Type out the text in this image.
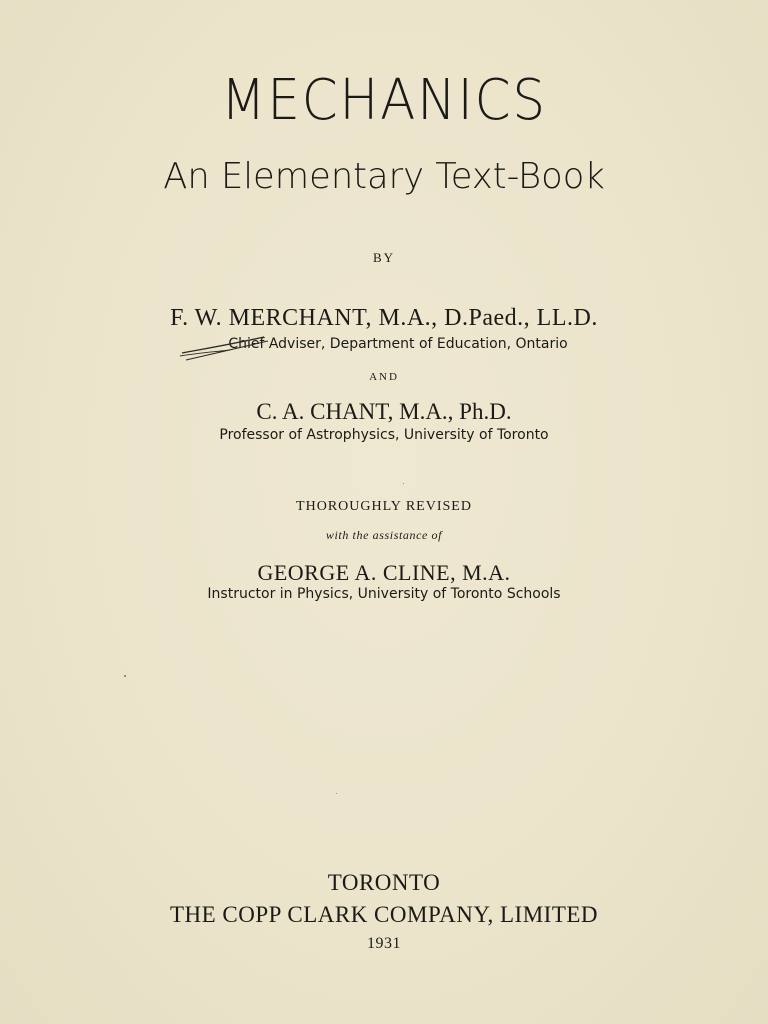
MECHANICS
An Elementary Text-Book
BY
F. W. MERCHANT, M.A., D.Paed., LL.D.
Chief Adviser, Department of Education, Ontario
AND
C. A. CHANT, M.A., Ph.D.
Professor of Astrophysics, University of Toronto
THOROUGHLY REVISED
with the assistance of
GEORGE A. CLINE, M.A.
Instructor in Physics, University of Toronto Schools
TORONTO
THE COPP CLARK COMPANY, LIMITED
1931
